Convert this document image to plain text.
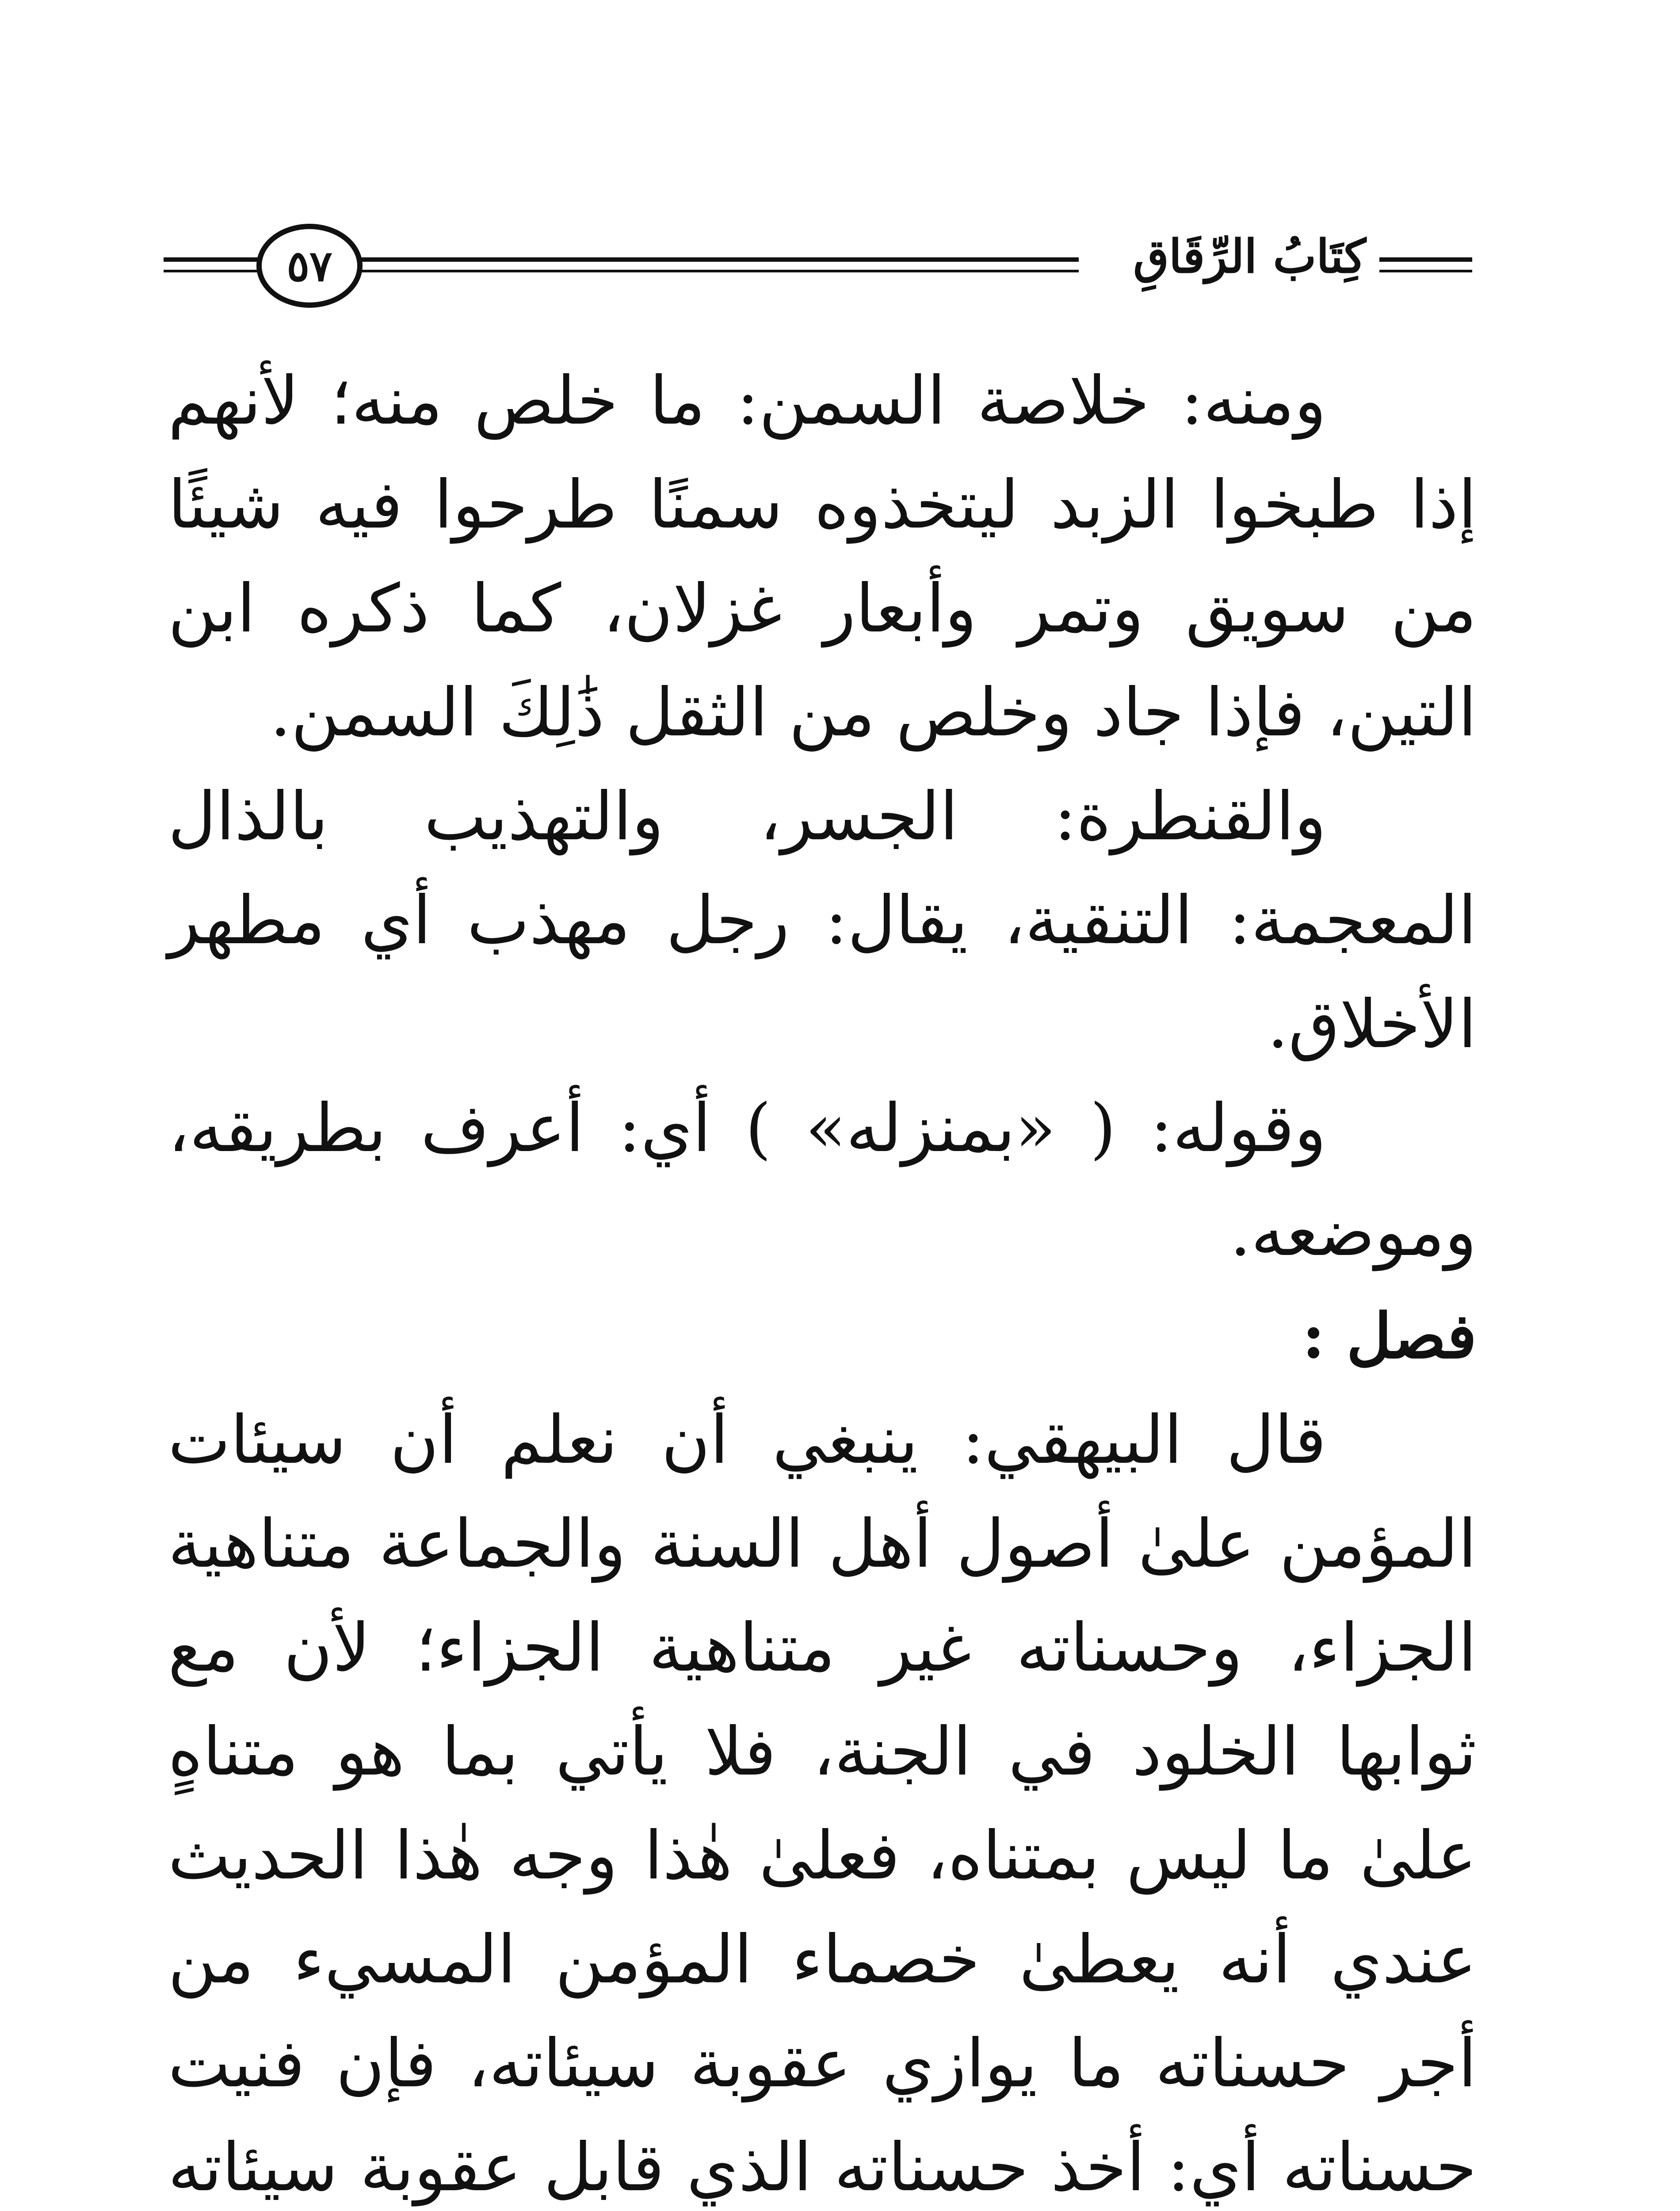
٥٧	كِتَابُ الرِّقَاقِ

ومنه: خلاصة السمن: ما خلص منه؛ لأنهم إذا طبخوا الزبد ليتخذوه سمنًا طرحوا فيه شيئًا من سويق وتمر وأبعار غزلان، كما ذكره ابن التين، فإذا جاد وخلص من الثقل ذَٰلِكَ السمن.

والقنطرة: الجسر، والتهذيب بالذال المعجمة: التنقية، يقال: رجل مهذب أي مطهر الأخلاق.

وقوله: ( «بمنزله» ) أي: أعرف بطريقه، وموضعه.

فصل :

قال البيهقي: ينبغي أن نعلم أن سيئات المؤمن علىٰ أصول أهل السنة والجماعة متناهية الجزاء، وحسناته غير متناهية الجزاء؛ لأن مع ثوابها الخلود في الجنة، فلا يأتي بما هو متناهٍ علىٰ ما ليس بمتناه، فعلىٰ هٰذا وجه هٰذا الحديث عندي أنه يعطىٰ خصماء المؤمن المسيء من أجر حسناته ما يوازي عقوبة سيئاته، فإن فنيت حسناته أي: أخذ حسناته الذي قابل عقوبة سيئاته
